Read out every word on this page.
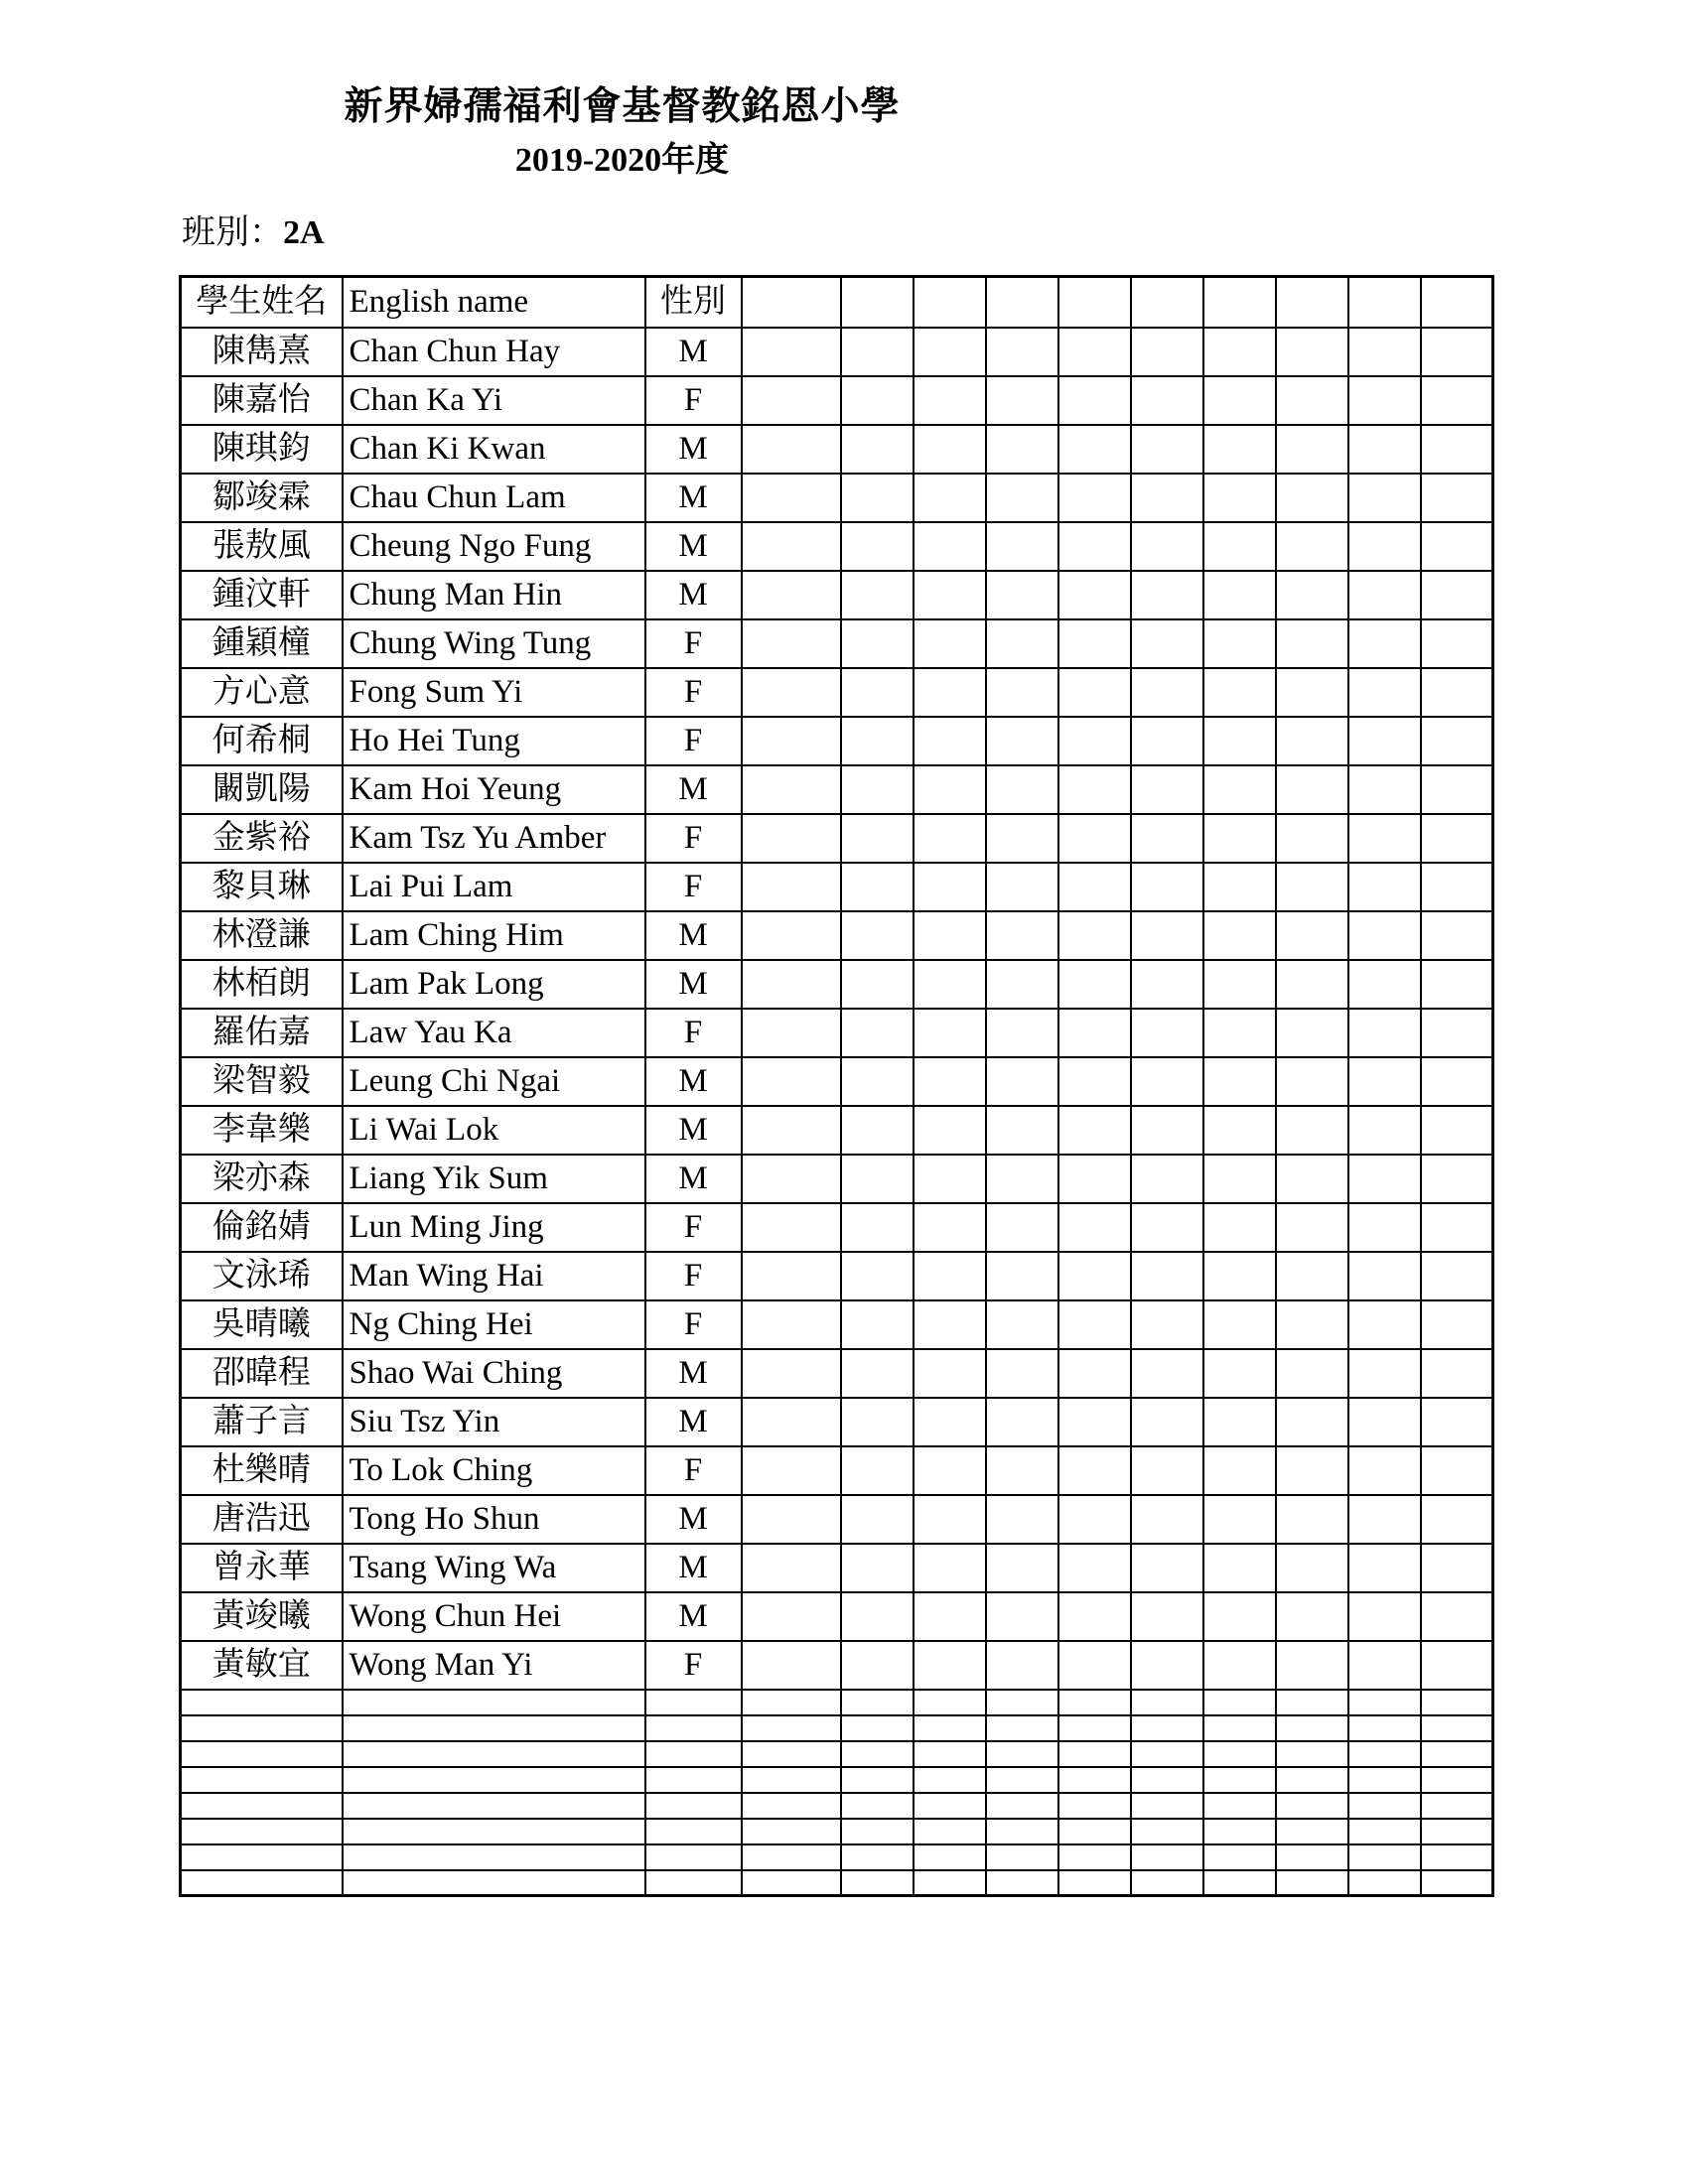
新界婦孺福利會基督教銘恩小學
2019-2020年度
班別：2A
學生姓名	English name	性別										
陳雋熹	Chan Chun Hay	M										
陳嘉怡	Chan Ka Yi	F										
陳琪鈞	Chan Ki Kwan	M										
鄒竣霖	Chau Chun Lam	M										
張敖風	Cheung Ngo Fung	M										
鍾汶軒	Chung Man Hin	M										
鍾穎橦	Chung Wing Tung	F										
方心意	Fong Sum Yi	F										
何希桐	Ho Hei Tung	F										
闞凱陽	Kam Hoi Yeung	M										
金紫裕	Kam Tsz Yu Amber	F										
黎貝琳	Lai Pui Lam	F										
林澄謙	Lam Ching Him	M										
林栢朗	Lam Pak Long	M										
羅佑嘉	Law Yau Ka	F										
梁智毅	Leung Chi Ngai	M										
李韋樂	Li Wai Lok	M										
梁亦森	Liang Yik Sum	M										
倫銘婧	Lun Ming Jing	F										
文泳琋	Man Wing Hai	F										
吳晴曦	Ng Ching Hei	F										
邵暐程	Shao Wai Ching	M										
蕭子言	Siu Tsz Yin	M										
杜樂晴	To Lok Ching	F										
唐浩迅	Tong Ho Shun	M										
曾永華	Tsang Wing Wa	M										
黃竣曦	Wong Chun Hei	M										
黃敏宜	Wong Man Yi	F										
